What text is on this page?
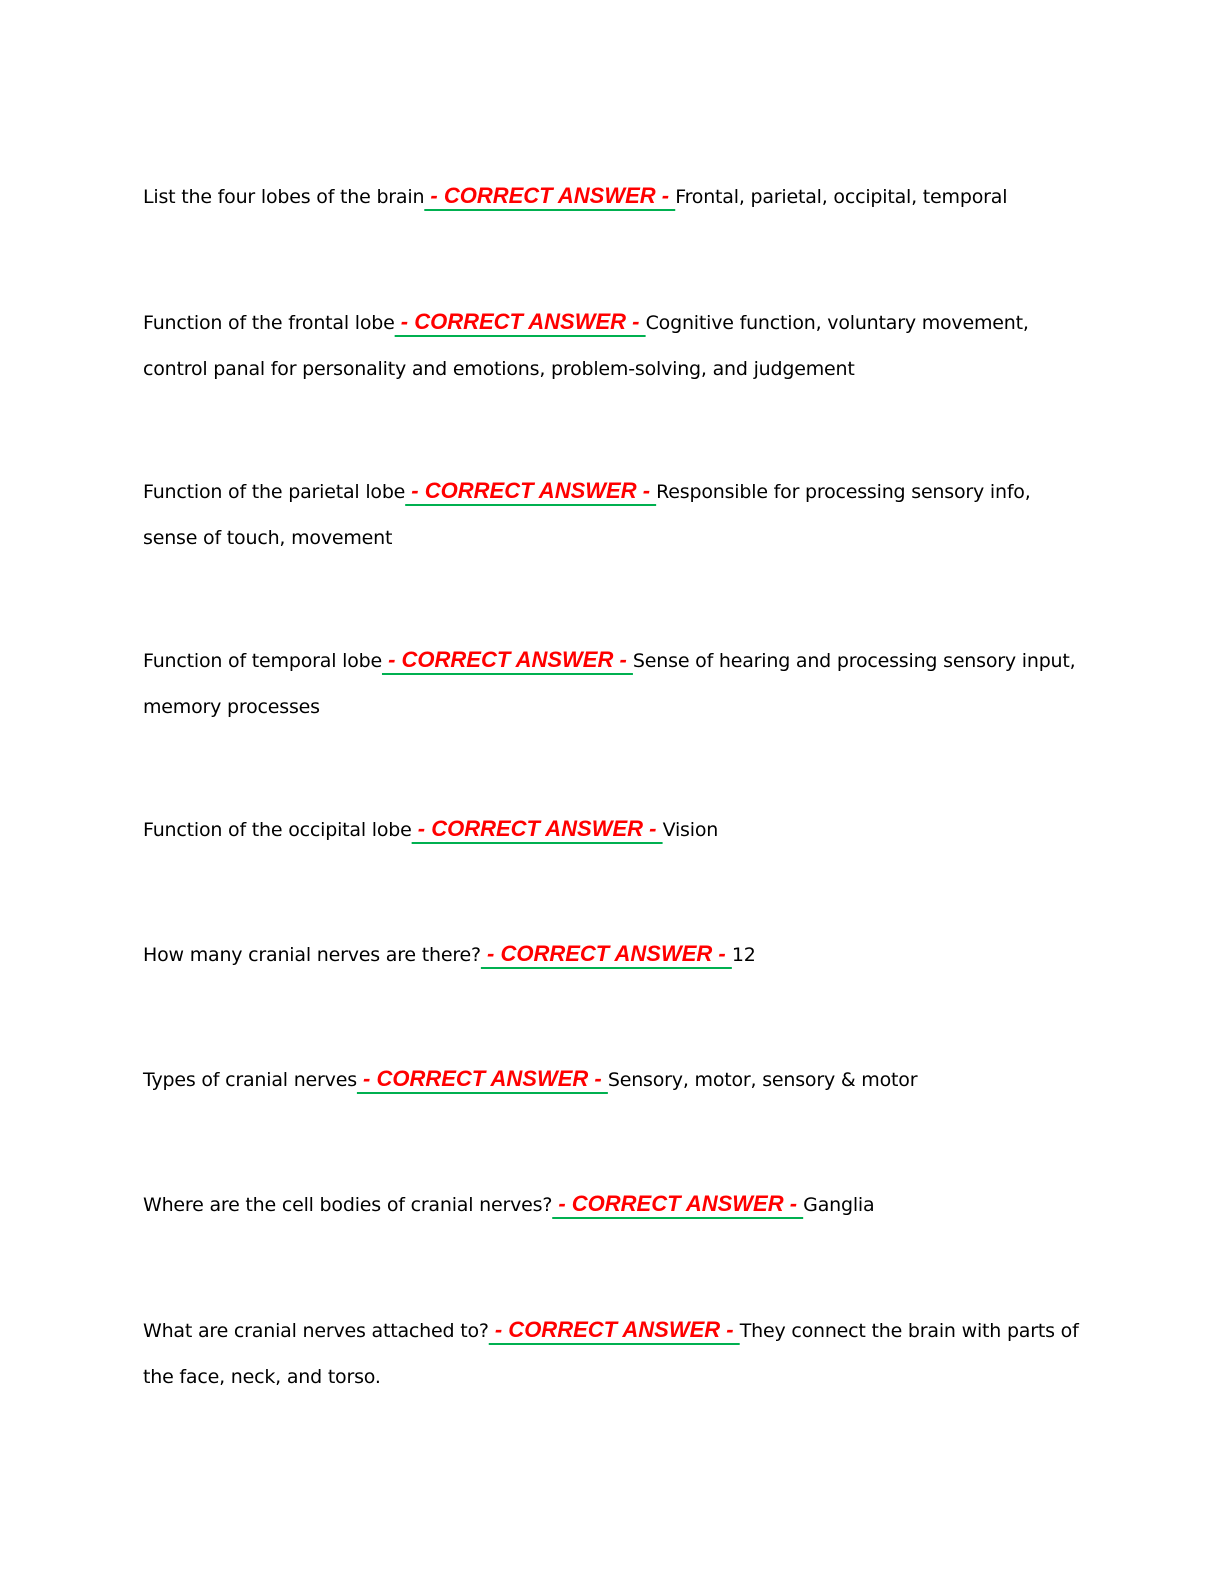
List the four lobes of the brain - CORRECT ANSWER - Frontal, parietal, occipital, temporal

Function of the frontal lobe - CORRECT ANSWER - Cognitive function, voluntary movement, control panal for personality and emotions, problem-solving, and judgement

Function of the parietal lobe - CORRECT ANSWER - Responsible for processing sensory info, sense of touch, movement

Function of temporal lobe - CORRECT ANSWER - Sense of hearing and processing sensory input, memory processes

Function of the occipital lobe - CORRECT ANSWER - Vision

How many cranial nerves are there? - CORRECT ANSWER - 12

Types of cranial nerves - CORRECT ANSWER - Sensory, motor, sensory & motor

Where are the cell bodies of cranial nerves? - CORRECT ANSWER - Ganglia

What are cranial nerves attached to? - CORRECT ANSWER - They connect the brain with parts of the face, neck, and torso.
